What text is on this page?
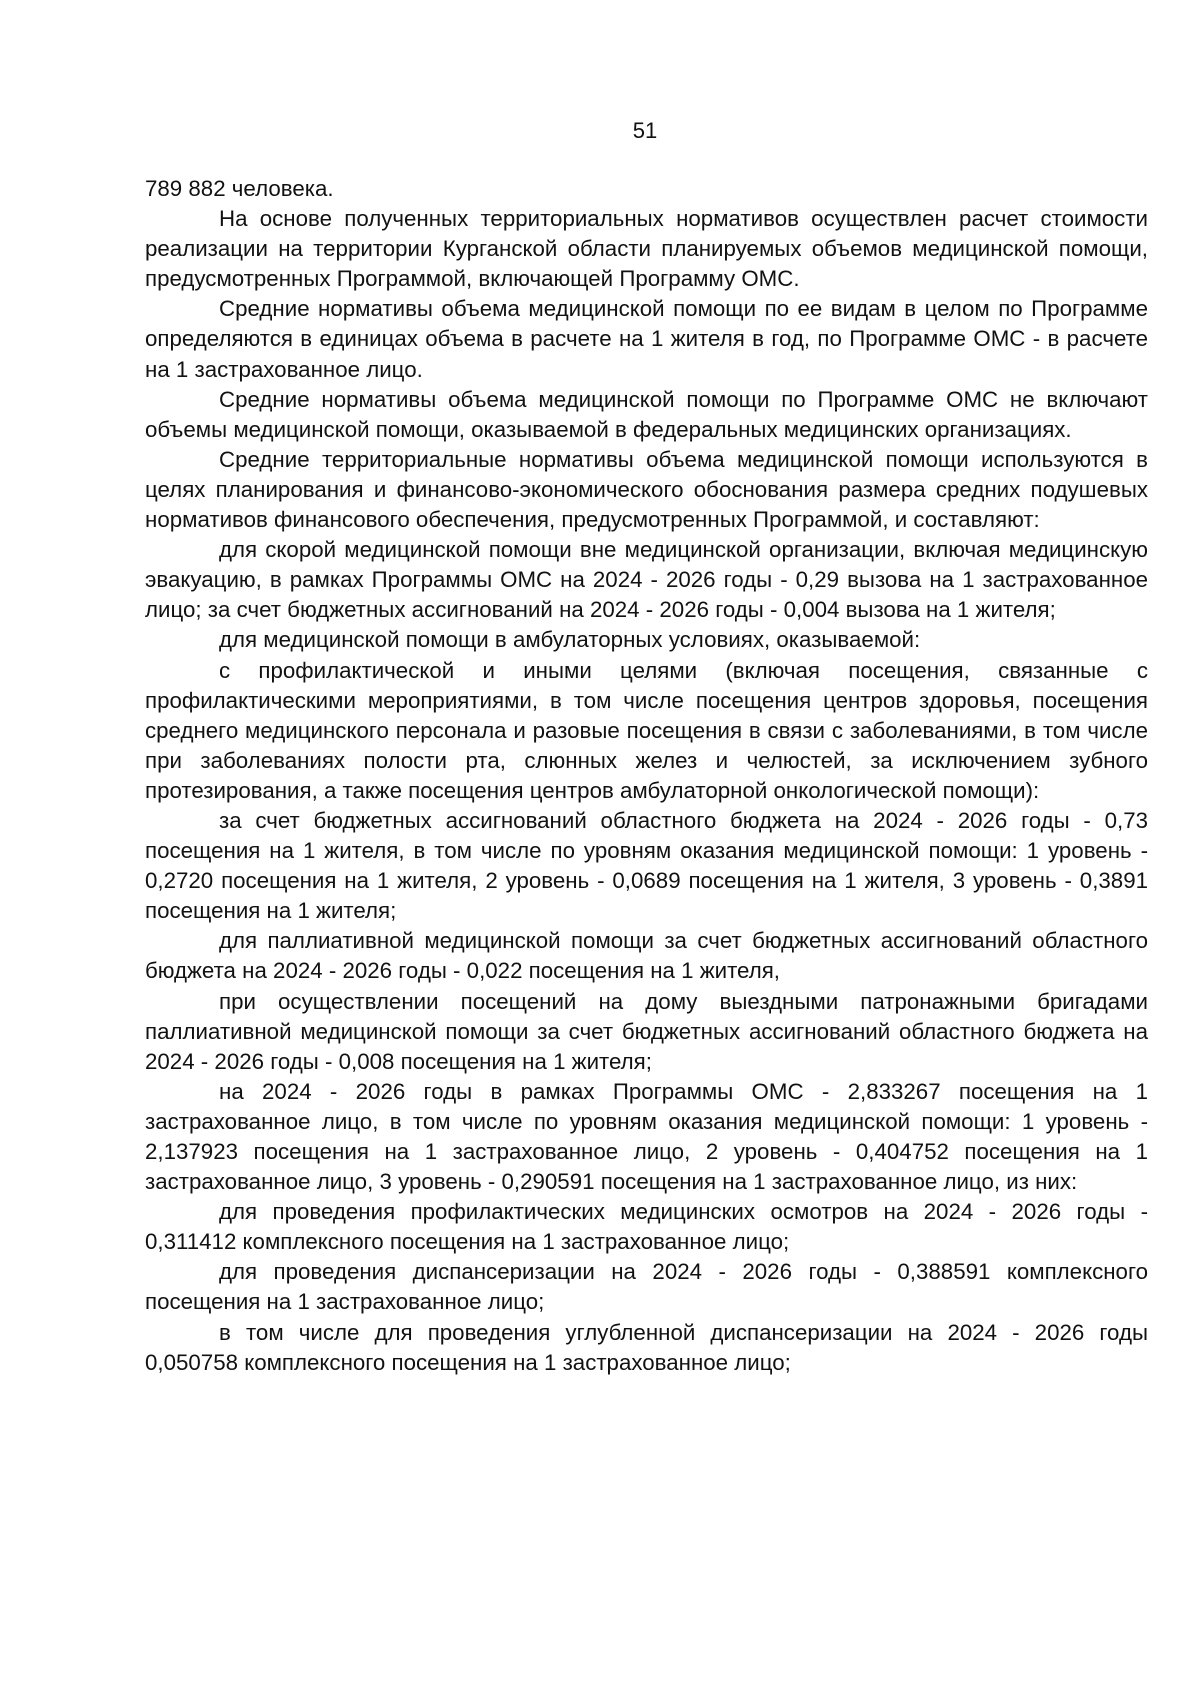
51

789 882 человека.

На основе полученных территориальных нормативов осуществлен расчет стоимости реализации на территории Курганской области планируемых объемов медицинской помощи, предусмотренных Программой, включающей Программу ОМС.

Средние нормативы объема медицинской помощи по ее видам в целом по Программе определяются в единицах объема в расчете на 1 жителя в год, по Программе ОМС - в расчете на 1 застрахованное лицо.

Средние нормативы объема медицинской помощи по Программе ОМС не включают объемы медицинской помощи, оказываемой в федеральных медицинских организациях.

Средние территориальные нормативы объема медицинской помощи используются в целях планирования и финансово-экономического обоснования размера средних подушевых нормативов финансового обеспечения, предусмотренных Программой, и составляют:

для скорой медицинской помощи вне медицинской организации, включая медицинскую эвакуацию, в рамках Программы ОМС на 2024 - 2026 годы - 0,29 вызова на 1 застрахованное лицо; за счет бюджетных ассигнований на 2024 - 2026 годы - 0,004 вызова на 1 жителя;

для медицинской помощи в амбулаторных условиях, оказываемой:

с профилактической и иными целями (включая посещения, связанные с профилактическими мероприятиями, в том числе посещения центров здоровья, посещения среднего медицинского персонала и разовые посещения в связи с заболеваниями, в том числе при заболеваниях полости рта, слюнных желез и челюстей, за исключением зубного протезирования, а также посещения центров амбулаторной онкологической помощи):

за счет бюджетных ассигнований областного бюджета на 2024 - 2026 годы - 0,73 посещения на 1 жителя, в том числе по уровням оказания медицинской помощи: 1 уровень - 0,2720 посещения на 1 жителя, 2 уровень - 0,0689 посещения на 1 жителя, 3 уровень - 0,3891 посещения на 1 жителя;

для паллиативной медицинской помощи за счет бюджетных ассигнований областного бюджета на 2024 - 2026 годы - 0,022 посещения на 1 жителя,

при осуществлении посещений на дому выездными патронажными бригадами паллиативной медицинской помощи за счет бюджетных ассигнований областного бюджета на 2024 - 2026 годы - 0,008 посещения на 1 жителя;

на 2024 - 2026 годы в рамках Программы ОМС - 2,833267 посещения на 1 застрахованное лицо, в том числе по уровням оказания медицинской помощи: 1 уровень - 2,137923 посещения на 1 застрахованное лицо, 2 уровень - 0,404752 посещения на 1 застрахованное лицо, 3 уровень - 0,290591 посещения на 1 застрахованное лицо, из них:

для проведения профилактических медицинских осмотров на 2024 - 2026 годы - 0,311412 комплексного посещения на 1 застрахованное лицо;

для проведения диспансеризации на 2024 - 2026 годы - 0,388591 комплексного посещения на 1 застрахованное лицо;

в том числе для проведения углубленной диспансеризации на 2024 - 2026 годы 0,050758 комплексного посещения на 1 застрахованное лицо;
